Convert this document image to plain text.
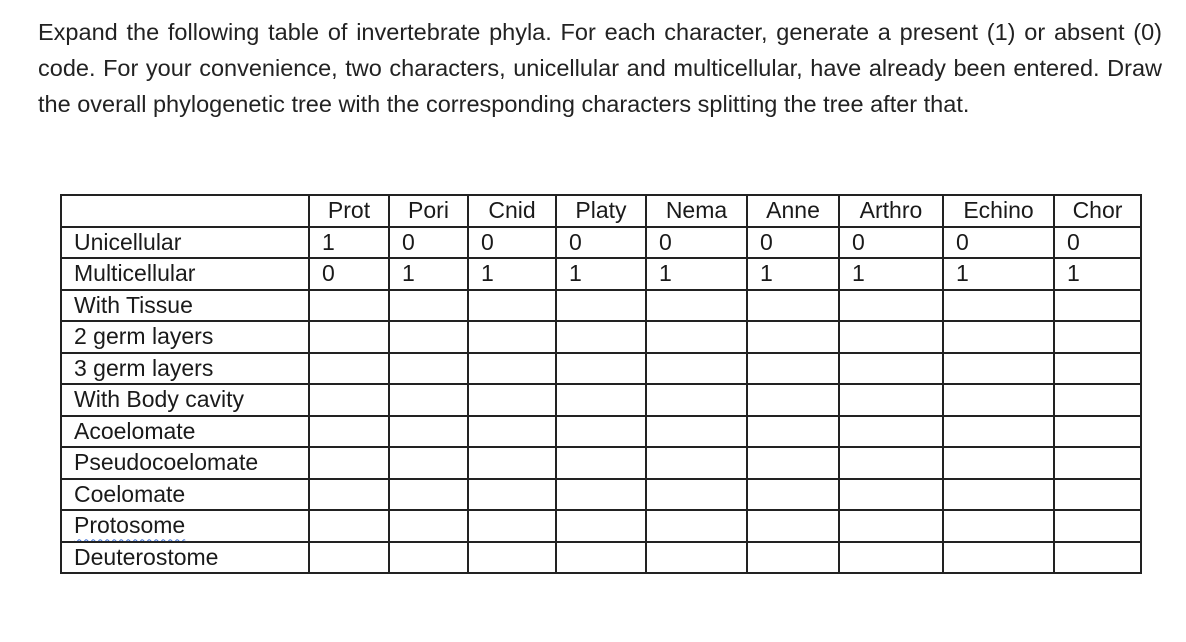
Expand the following table of invertebrate phyla. For each character, generate a present (1) or absent (0) code. For your convenience, two characters, unicellular and multicellular, have already been entered. Draw the overall phylogenetic tree with the corresponding characters splitting the tree after that.

	Prot	Pori	Cnid	Platy	Nema	Anne	Arthro	Echino	Chor
Unicellular	1	0	0	0	0	0	0	0	0
Multicellular	0	1	1	1	1	1	1	1	1
With Tissue									
2 germ layers									
3 germ layers									
With Body cavity									
Acoelomate									
Pseudocoelomate									
Coelomate									
Protosome									
Deuterostome									
